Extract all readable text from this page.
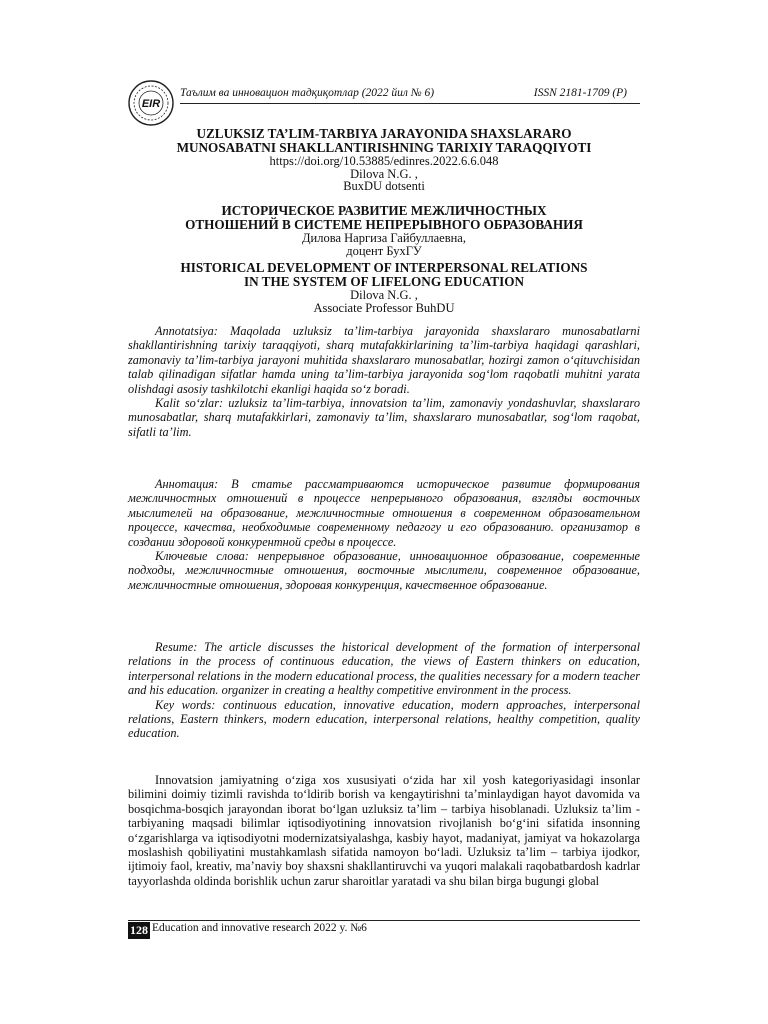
EIR
Таълим ва инновацион тадқиқотлар (2022 йил № 6)	ISSN 2181-1709 (P)
UZLUKSIZ TA’LIM-TARBIYA JARAYONIDA SHAXSLARARO
MUNOSABATNI SHAKLLANTIRISHNING TARIXIY TARAQQIYOTI
https://doi.org/10.53885/edinres.2022.6.6.048
Dilova N.G. ,
BuxDU dotsenti
ИСТОРИЧЕСКОЕ РАЗВИТИЕ МЕЖЛИЧНОСТНЫХ
ОТНОШЕНИЙ В СИСТЕМЕ НЕПРЕРЫВНОГО ОБРАЗОВАНИЯ
Дилова Наргиза Гайбуллаевна,
доцент БухГУ
HISTORICAL DEVELOPMENT OF INTERPERSONAL RELATIONS
IN THE SYSTEM OF LIFELONG EDUCATION
Dilova N.G. ,
Associate Professor BuhDU

Annotatsiya: Maqolada uzluksiz ta’lim-tarbiya jarayonida shaxslararo munosabatlarni shakllantirishning tarixiy taraqqiyoti, sharq mutafakkirlarining ta’lim-tarbiya haqidagi qarashlari, zamonaviy ta’lim-tarbiya jarayoni muhitida shaxslararo munosabatlar, hozirgi zamon o‘qituvchisidan talab qilinadigan sifatlar hamda uning ta’lim-tarbiya jarayonida sog‘lom raqobatli muhitni yarata olishdagi asosiy tashkilotchi ekanligi haqida so‘z boradi.

Kalit so‘zlar: uzluksiz ta’lim-tarbiya, innovatsion ta’lim, zamonaviy yondashuvlar, shaxslararo munosabatlar, sharq mutafakkirlari, zamonaviy ta’lim, shaxslararo munosabatlar, sog‘lom raqobat, sifatli ta’lim.

Аннотация: В статье рассматриваются историческое развитие формирования межличностных отношений в процессе непрерывного образования, взгляды восточных мыслителей на образование, межличностные отношения в современном образовательном процессе, качества, необходимые современному педагогу и его образованию. организатор в создании здоровой конкурентной среды в процессе.

Ключевые слова: непрерывное образование, инновационное образование, современные подходы, межличностные отношения, восточные мыслители, современное образование, межличностные отношения, здоровая конкуренция, качественное образование.

Resume: The article discusses the historical development of the formation of interpersonal relations in the process of continuous education, the views of Eastern thinkers on education, interpersonal relations in the modern educational process, the qualities necessary for a modern teacher and his education. organizer in creating a healthy competitive environment in the process.

Key words: continuous education, innovative education, modern approaches, interpersonal relations, Eastern thinkers, modern education, interpersonal relations, healthy competition, quality education.

Innovatsion jamiyatning o‘ziga xos xususiyati o‘zida har xil yosh kategoriyasidagi insonlar bilimini doimiy tizimli ravishda to‘ldirib borish va kengaytirishni ta’minlaydigan hayot davomida va bosqichma-bosqich jarayondan iborat bo‘lgan uzluksiz ta’lim – tarbiya hisoblanadi. Uzluksiz ta’lim - tarbiyaning maqsadi bilimlar iqtisodiyotining innovatsion rivojlanish bo‘g‘ini sifatida insonning o‘zgarishlarga va iqtisodiyotni modernizatsiyalashga, kasbiy hayot, madaniyat, jamiyat va hokazolarga moslashish qobiliyatini mustahkamlash sifatida namoyon bo‘ladi. Uzluksiz ta’lim – tarbiya ijodkor, ijtimoiy faol, kreativ, ma’naviy boy shaxsni shakllantiruvchi va yuqori malakali raqobatbardosh kadrlar tayyorlashda oldinda borishlik uchun zarur sharoitlar yaratadi va shu bilan birga bugungi global

128 Education and innovative research 2022 y. №6
